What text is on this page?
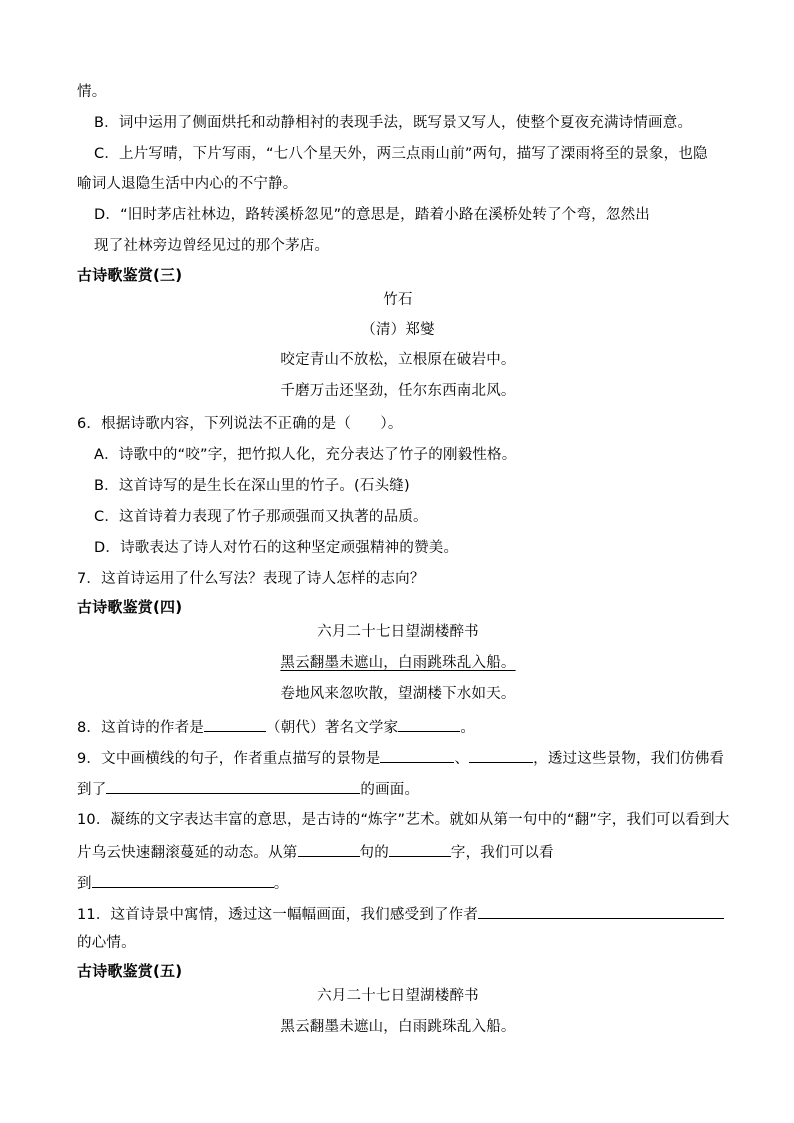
情。
B．词中运用了侧面烘托和动静相衬的表现手法，既写景又写人，使整个夏夜充满诗情画意。
C．上片写晴，下片写雨，“七八个星天外，两三点雨山前”两句，描写了溧雨将至的景象，也隐
喻词人退隐生活中内心的不宁静。
D．“旧时茅店社林边，路转溪桥忽见”的意思是，踏着小路在溪桥处转了个弯，忽然出
现了社林旁边曾经见过的那个茅店。
古诗歌鉴赏(三)
竹石
（清）郑燮
咬定青山不放松，立根原在破岩中。
千磨万击还坚劲，任尔东西南北风。
6．根据诗歌内容，下列说法不正确的是（　　）。
A．诗歌中的“咬”字，把竹拟人化，充分表达了竹子的刚毅性格。
B．这首诗写的是生长在深山里的竹子。(石头缝)
C．这首诗着力表现了竹子那顽强而又执著的品质。
D．诗歌表达了诗人对竹石的这种坚定顽强精神的赞美。
7．这首诗运用了什么写法？表现了诗人怎样的志向？
古诗歌鉴赏(四)
六月二十七日望湖楼醉书
黑云翻墨未遮山，白雨跳珠乱入船。
卷地风来忽吹散，望湖楼下水如天。
8．这首诗的作者是	（朝代）著名文学家	。
9．文中画横线的句子，作者重点描写的景物是	、	，透过这些景物，我们仿佛看
到了	的画面。
10．凝练的文字表达丰富的意思，是古诗的“炼字”艺术。就如从第一句中的“翻”字，我们可以看到大
片乌云快速翻滚蔓延的动态。从第	句的	字，我们可以看
到	。
11．这首诗景中寓情，透过这一幅幅画面，我们感受到了作者
的心情。
古诗歌鉴赏(五)
六月二十七日望湖楼醉书
黑云翻墨未遮山，白雨跳珠乱入船。
